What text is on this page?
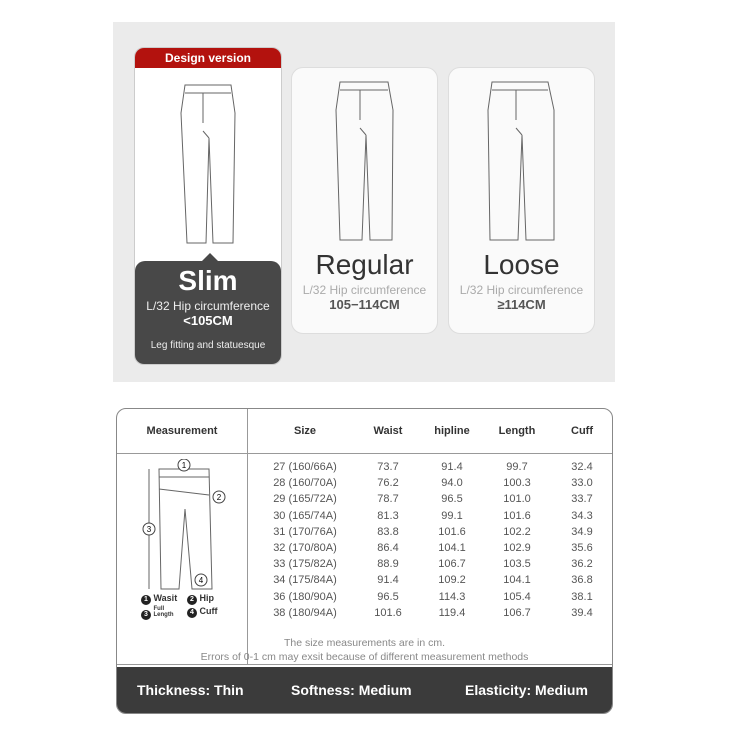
Design version
Slim
L/32 Hip circumference
<105CM
Leg fitting and statuesque
Regular
L/32 Hip circumference
105−114CM
Loose
L/32 Hip circumference
≥114CM
Measurement	Size	Waist	hipline	Length	Cuff
1
2
3
4
1 Wasit	2 Hip
3 Full Length	4 Cuff
27 (160/66A)	73.7	91.4	99.7	32.4
28 (160/70A)	76.2	94.0	100.3	33.0
29 (165/72A)	78.7	96.5	101.0	33.7
30 (165/74A)	81.3	99.1	101.6	34.3
31 (170/76A)	83.8	101.6	102.2	34.9
32 (170/80A)	86.4	104.1	102.9	35.6
33 (175/82A)	88.9	106.7	103.5	36.2
34 (175/84A)	91.4	109.2	104.1	36.8
36 (180/90A)	96.5	114.3	105.4	38.1
38 (180/94A)	101.6	119.4	106.7	39.4
The size measurements are in cm.
Errors of 0-1 cm may exsit because of different measurement methods
Thickness: Thin	Softness: Medium	Elasticity: Medium
